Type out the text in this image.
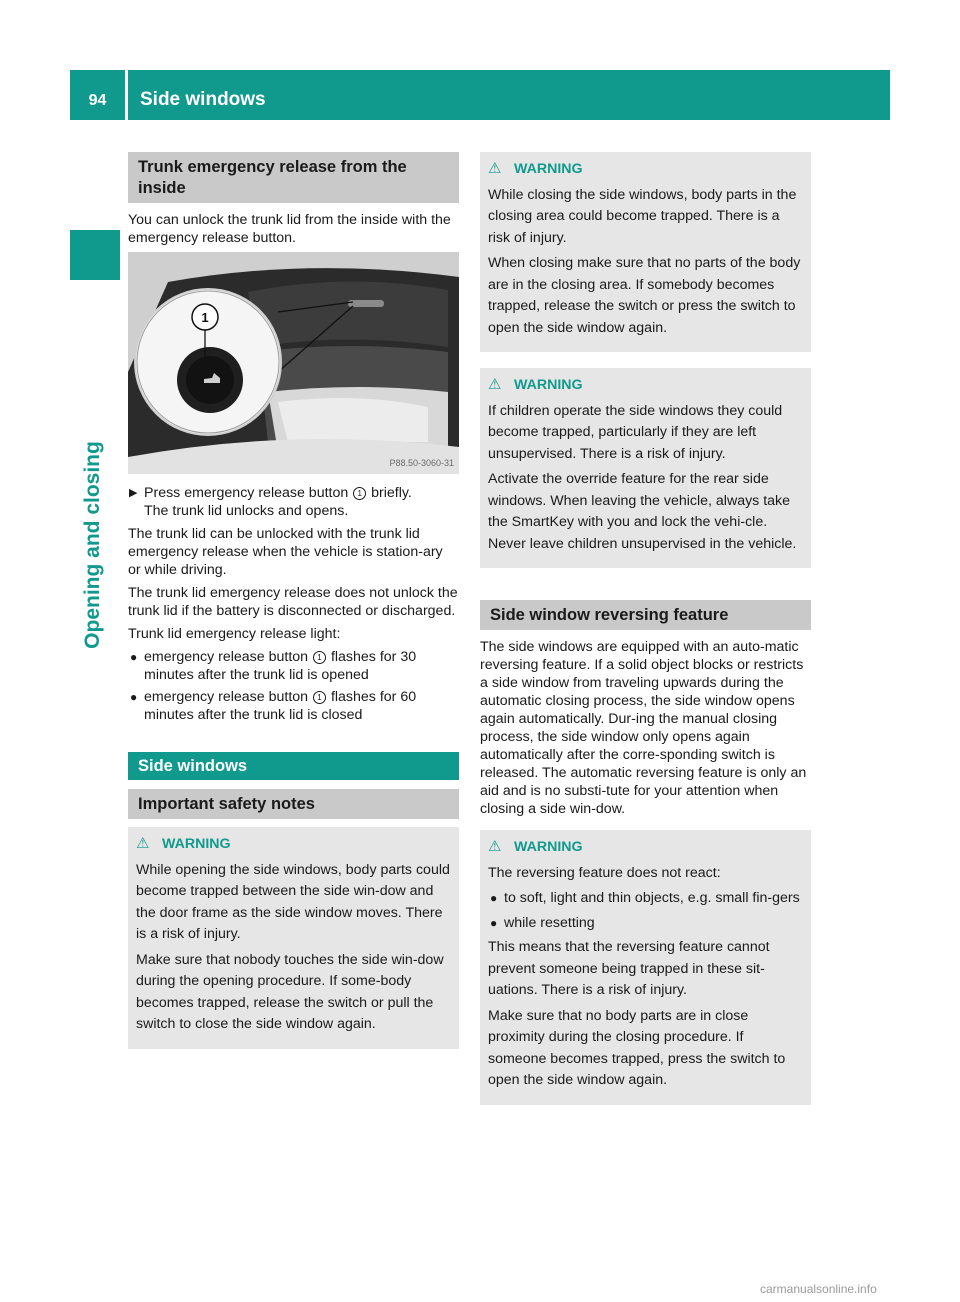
94	Side windows
Opening and closing
Trunk emergency release from the inside

You can unlock the trunk lid from the inside with the emergency release button.

1
P88.50-3060-31
▶ Press emergency release button 1 briefly.
The trunk lid unlocks and opens.

The trunk lid can be unlocked with the trunk lid emergency release when the vehicle is station-ary or while driving.

The trunk lid emergency release does not unlock the trunk lid if the battery is disconnected or discharged.

Trunk lid emergency release light:

● emergency release button 1 flashes for 30 minutes after the trunk lid is opened
● emergency release button 1 flashes for 60 minutes after the trunk lid is closed
Side windows
Important safety notes
⚠ WARNING

While opening the side windows, body parts could become trapped between the side win-dow and the door frame as the side window moves. There is a risk of injury.

Make sure that nobody touches the side win-dow during the opening procedure. If some-body becomes trapped, release the switch or pull the switch to close the side window again.

⚠ WARNING

While closing the side windows, body parts in the closing area could become trapped. There is a risk of injury.

When closing make sure that no parts of the body are in the closing area. If somebody becomes trapped, release the switch or press the switch to open the side window again.

⚠ WARNING

If children operate the side windows they could become trapped, particularly if they are left unsupervised. There is a risk of injury.

Activate the override feature for the rear side windows. When leaving the vehicle, always take the SmartKey with you and lock the vehi-cle. Never leave children unsupervised in the vehicle.

Side window reversing feature

The side windows are equipped with an auto-matic reversing feature. If a solid object blocks or restricts a side window from traveling upwards during the automatic closing process, the side window opens again automatically. Dur-ing the manual closing process, the side window only opens again automatically after the corre-sponding switch is released. The automatic reversing feature is only an aid and is no substi-tute for your attention when closing a side win-dow.

⚠ WARNING

The reversing feature does not react:

● to soft, light and thin objects, e.g. small fin-gers
● while resetting

This means that the reversing feature cannot prevent someone being trapped in these sit-uations. There is a risk of injury.

Make sure that no body parts are in close proximity during the closing procedure. If someone becomes trapped, press the switch to open the side window again.

carmanualsonline.info
